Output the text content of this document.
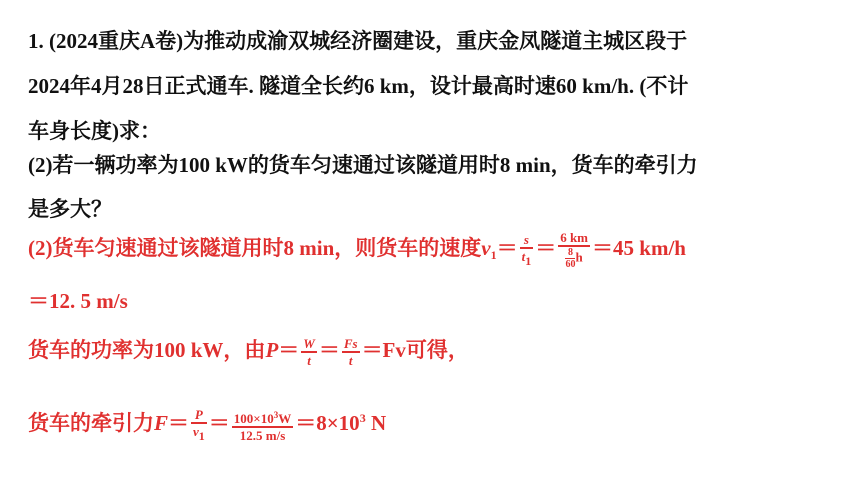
1. (2024重庆A卷)为推动成渝双城经济圈建设，重庆金凤隧道主城区段于
2024年4月28日正式通车. 隧道全长约6 km，设计最高时速60 km/h. (不计
车身长度)求：
(2)若一辆功率为100 kW的货车匀速通过该隧道用时8 min，货车的牵引力
是多大？
(2)货车匀速通过该隧道用时8 min，则货车的速度$v_1= \frac{s}{t_1} = \frac{6 km}{\frac{8}{60} h} =45$ km/h
＝12. 5 m/s
货车的功率为100 kW，由$P= \frac{W}{t} = \frac{Fs}{t} =Fv$可得，
货车的牵引力$F= \frac{P}{v_1} = \frac{100\times 10^3W}{12.5 m/s} =8\times 10^3$ N
